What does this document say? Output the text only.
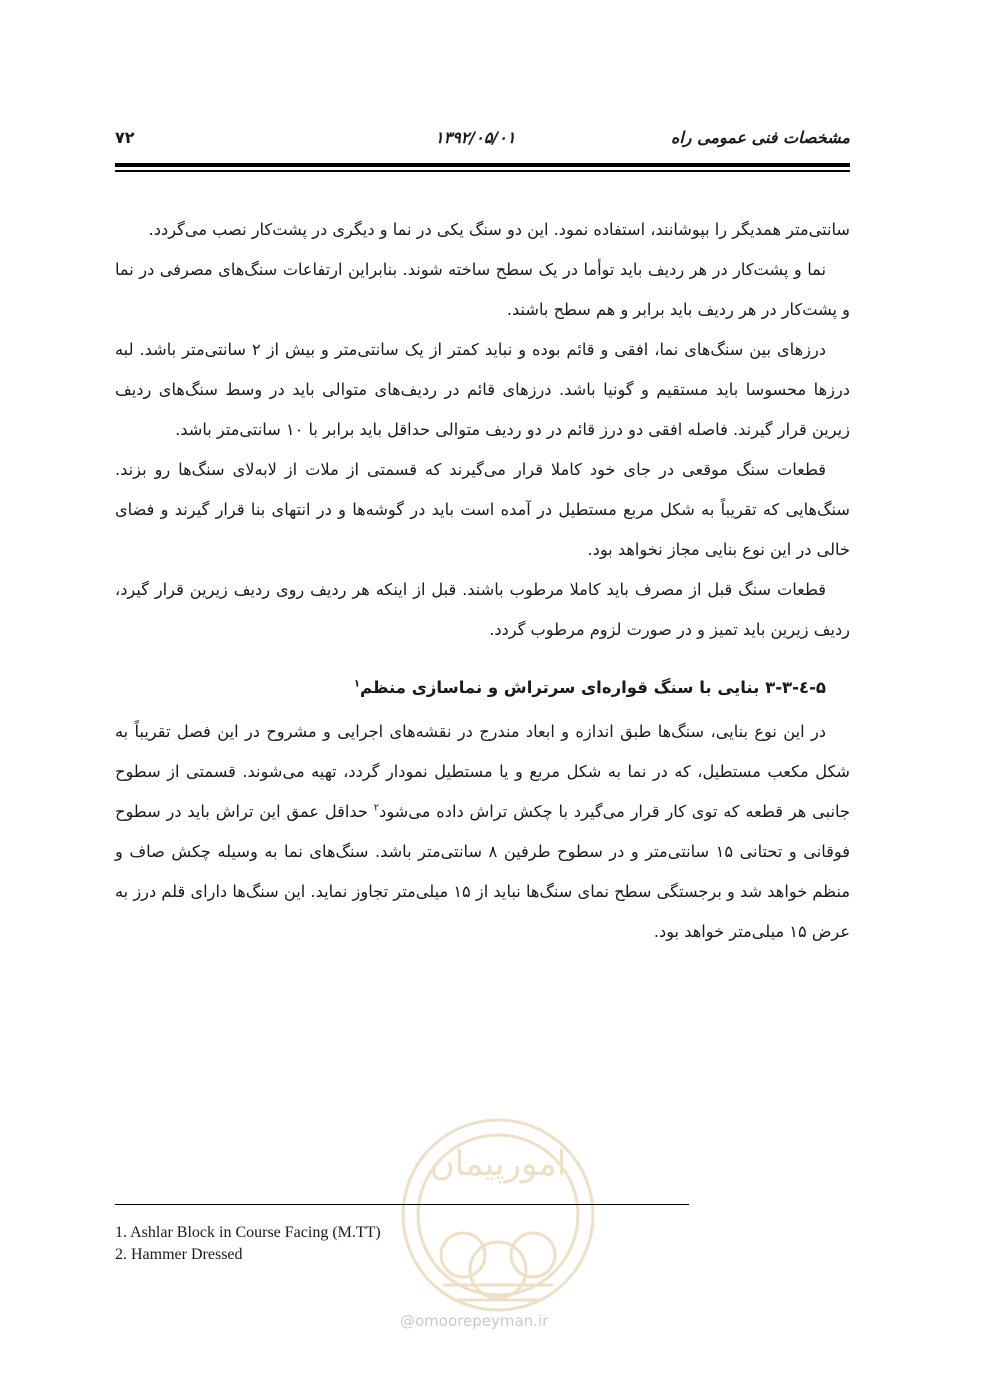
مشخصات فنی عمومی راه
۱۳۹۲/۰۵/۰۱
۷۲

سانتی‌متر همدیگر را بپوشانند، استفاده نمود. این دو سنگ یکی در نما و دیگری در پشت‌کار نصب می‌گردد.

نما و پشت‌کار در هر ردیف باید توأما در یک سطح ساخته شوند. بنابراین ارتفاعات سنگ‌های مصرفی در نما و پشت‌کار در هر ردیف باید برابر و هم سطح باشند.

درزهای بین سنگ‌های نما، افقی و قائم بوده و نباید کمتر از یک سانتی‌متر و بیش از ۲ سانتی‌متر باشد. لبه درزها محسوسا باید مستقیم و گونیا باشد. درزهای قائم در ردیف‌های متوالی باید در وسط سنگ‌های ردیف زیرین قرار گیرند. فاصله افقی دو درز قائم در دو ردیف متوالی حداقل باید برابر با ۱۰ سانتی‌متر باشد.

قطعات سنگ موقعی در جای خود کاملا قرار می‌گیرند که قسمتی از ملات از لابه‌لای سنگ‌ها رو بزند. سنگ‌هایی که تقریباً به شکل مربع مستطیل در آمده است باید در گوشه‌ها و در انتهای بنا قرار گیرند و فضای خالی در این نوع بنایی مجاز نخواهد بود.

قطعات سنگ قبل از مصرف باید کاملا مرطوب باشند. قبل از اینکه هر ردیف روی ردیف زیرین قرار گیرد، ردیف زیرین باید تمیز و در صورت لزوم مرطوب گردد.

۵-٤-۳-۳ بنایی با سنگ قواره‌ای سرتراش و نماسازی منظم$^۱$

در این نوع بنایی، سنگ‌ها طبق اندازه و ابعاد مندرج در نقشه‌های اجرایی و مشروح در این فصل تقریباً به شکل مکعب مستطیل، که در نما به شکل مربع و یا مستطیل نمودار گردد، تهیه می‌شوند. قسمتی از سطوح جانبی هر قطعه که توی کار قرار می‌گیرد با چکش تراش داده می‌شود$^۲$ حداقل عمق این تراش باید در سطوح فوقانی و تحتانی ۱۵ سانتی‌متر و در سطوح طرفین ۸ سانتی‌متر باشد. سنگ‌های نما به وسیله چکش صاف و منظم خواهد شد و برجستگی سطح نمای سنگ‌ها نباید از ۱۵ میلی‌متر تجاوز نماید. این سنگ‌ها دارای قلم درز به عرض ۱۵ میلی‌متر خواهد بود.

امورپیمان
@omoorepeyman.ir
1. Ashlar Block in Course Facing (M.TT)
2. Hammer Dressed
